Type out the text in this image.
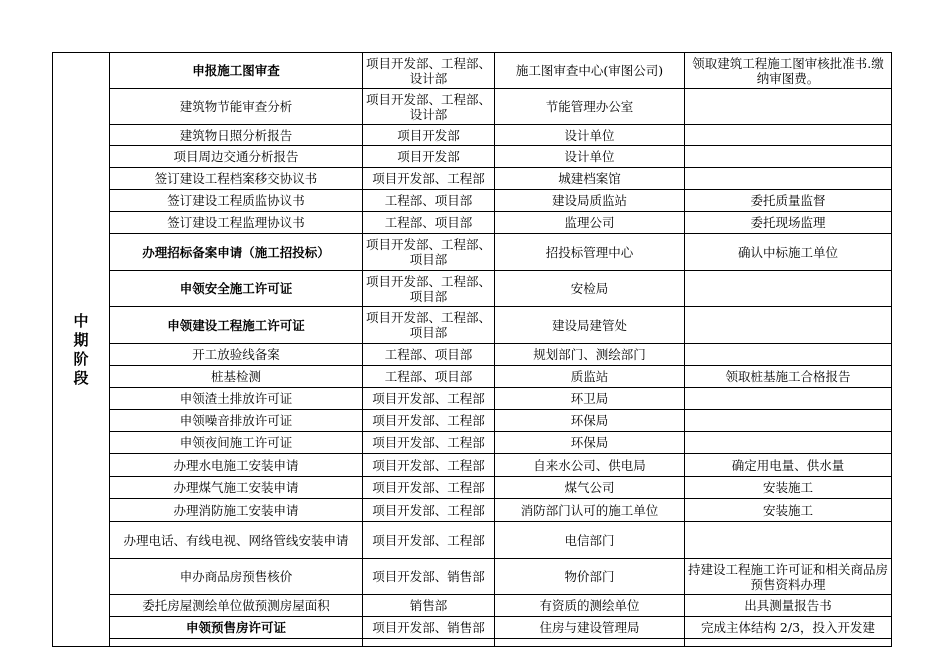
中期阶段	申报施工图审查	项目开发部、工程部、设计部	施工图审查中心(审图公司)	领取建筑工程施工图审核批准书.缴纳审图费。
	建筑物节能审查分析	项目开发部、工程部、设计部	节能管理办公室	
	建筑物日照分析报告	项目开发部	设计单位	
	项目周边交通分析报告	项目开发部	设计单位	
	签订建设工程档案移交协议书	项目开发部、工程部	城建档案馆	
	签订建设工程质监协议书	工程部、项目部	建设局质监站	委托质量监督
	签订建设工程监理协议书	工程部、项目部	监理公司	委托现场监理
	办理招标备案申请（施工招投标）	项目开发部、工程部、项目部	招投标管理中心	确认中标施工单位
	申领安全施工许可证	项目开发部、工程部、项目部	安检局	
	申领建设工程施工许可证	项目开发部、工程部、项目部	建设局建管处	
	开工放验线备案	工程部、项目部	规划部门、测绘部门	
	桩基检测	工程部、项目部	质监站	领取桩基施工合格报告
	申领渣土排放许可证	项目开发部、工程部	环卫局	
	申领噪音排放许可证	项目开发部、工程部	环保局	
	申领夜间施工许可证	项目开发部、工程部	环保局	
	办理水电施工安装申请	项目开发部、工程部	自来水公司、供电局	确定用电量、供水量
	办理煤气施工安装申请	项目开发部、工程部	煤气公司	安装施工
	办理消防施工安装申请	项目开发部、工程部	消防部门认可的施工单位	安装施工
	办理电话、有线电视、网络管线安装申请	项目开发部、工程部	电信部门	
	申办商品房预售核价	项目开发部、销售部	物价部门	持建设工程施工许可证和相关商品房预售资料办理
	委托房屋测绘单位做预测房屋面积	销售部	有资质的测绘单位	出具测量报告书
	申领预售房许可证	项目开发部、销售部	住房与建设管理局	完成主体结构 2/3，投入开发建
